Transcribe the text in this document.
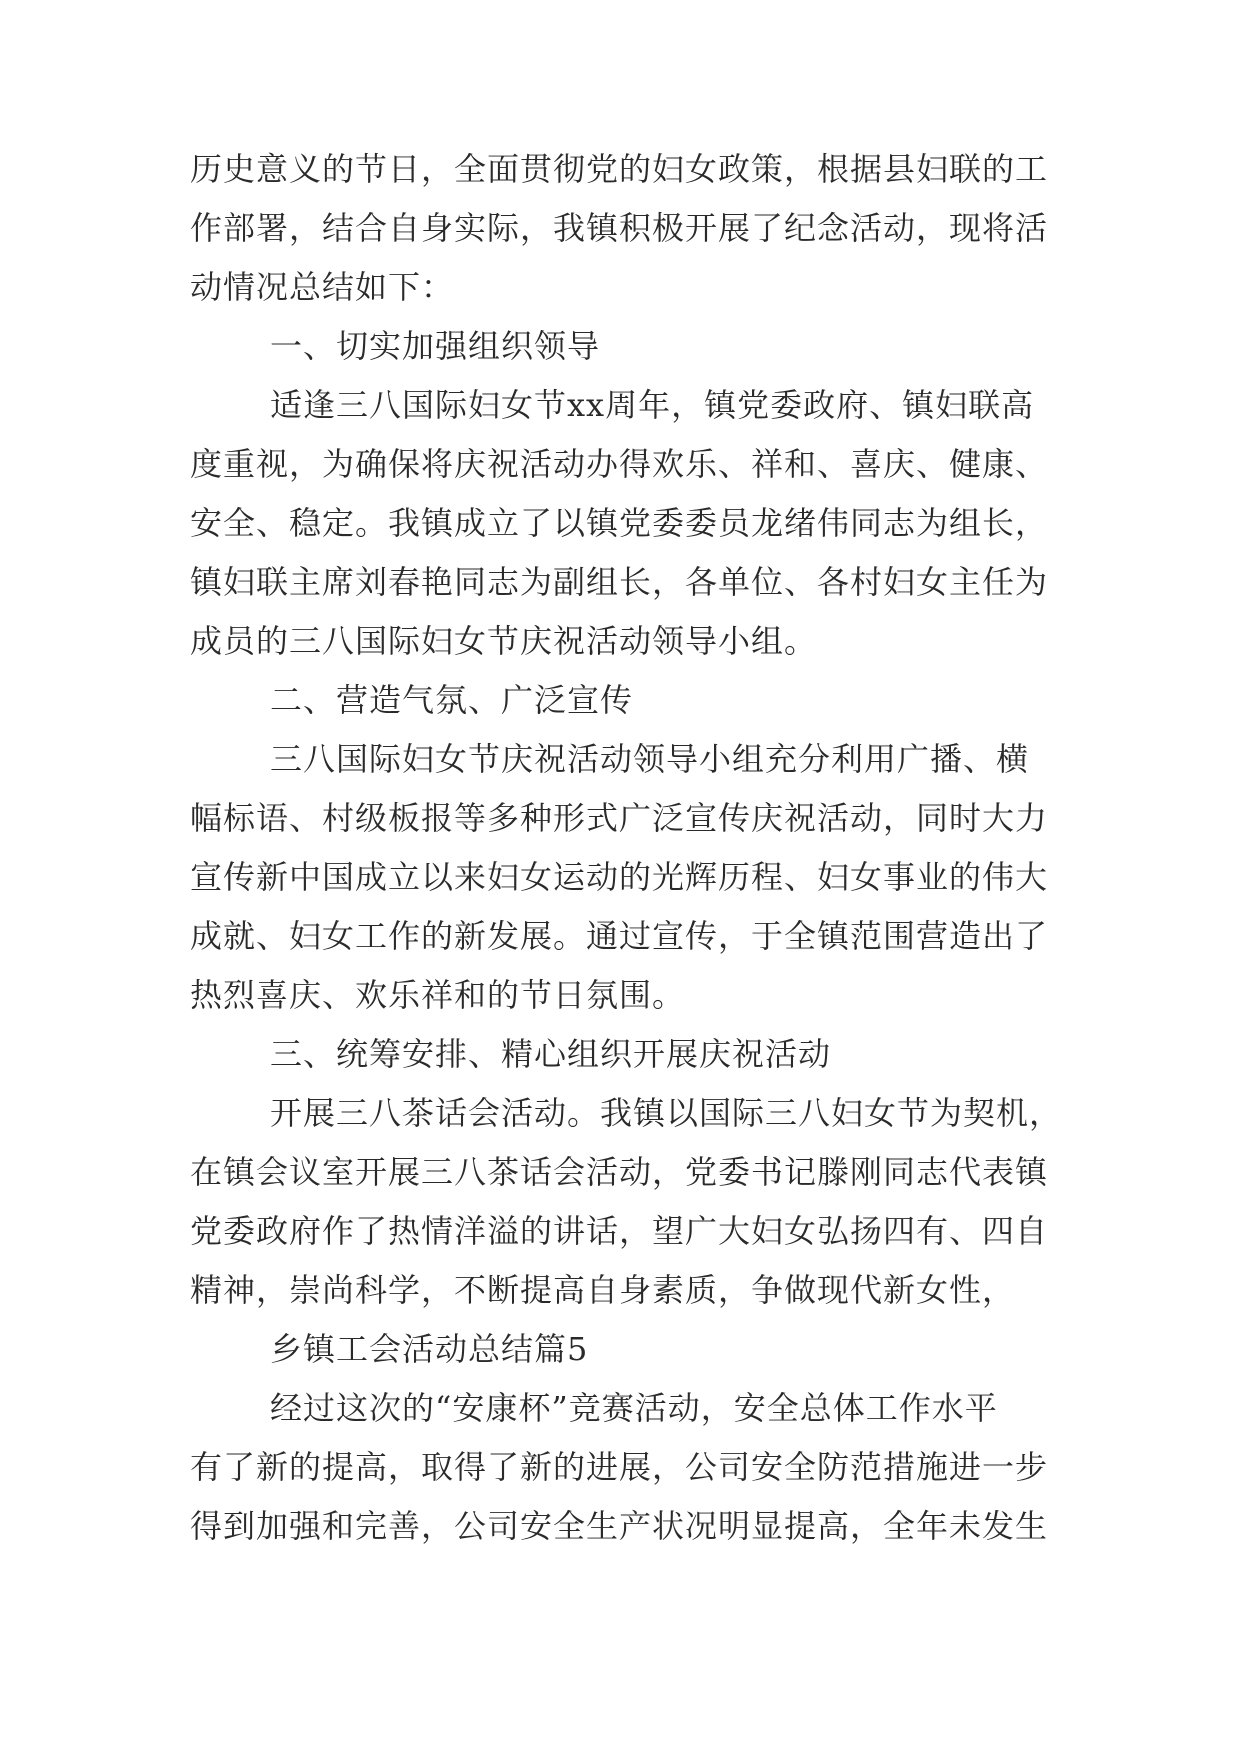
历史意义的节日，全面贯彻党的妇女政策，根据县妇联的工
作部署，结合自身实际，我镇积极开展了纪念活动，现将活
动情况总结如下：
一、切实加强组织领导
适逢三八国际妇女节xx周年，镇党委政府、镇妇联高
度重视，为确保将庆祝活动办得欢乐、祥和、喜庆、健康、
安全、稳定。我镇成立了以镇党委委员龙绪伟同志为组长，
镇妇联主席刘春艳同志为副组长，各单位、各村妇女主任为
成员的三八国际妇女节庆祝活动领导小组。
二、营造气氛、广泛宣传
三八国际妇女节庆祝活动领导小组充分利用广播、横
幅标语、村级板报等多种形式广泛宣传庆祝活动，同时大力
宣传新中国成立以来妇女运动的光辉历程、妇女事业的伟大
成就、妇女工作的新发展。通过宣传，于全镇范围营造出了
热烈喜庆、欢乐祥和的节日氛围。
三、统筹安排、精心组织开展庆祝活动
开展三八茶话会活动。我镇以国际三八妇女节为契机，
在镇会议室开展三八茶话会活动，党委书记滕刚同志代表镇
党委政府作了热情洋溢的讲话，望广大妇女弘扬四有、四自
精神，崇尚科学，不断提高自身素质，争做现代新女性，
乡镇工会活动总结篇5
经过这次的“安康杯”竞赛活动，安全总体工作水平
有了新的提高，取得了新的进展，公司安全防范措施进一步
得到加强和完善，公司安全生产状况明显提高，全年未发生
